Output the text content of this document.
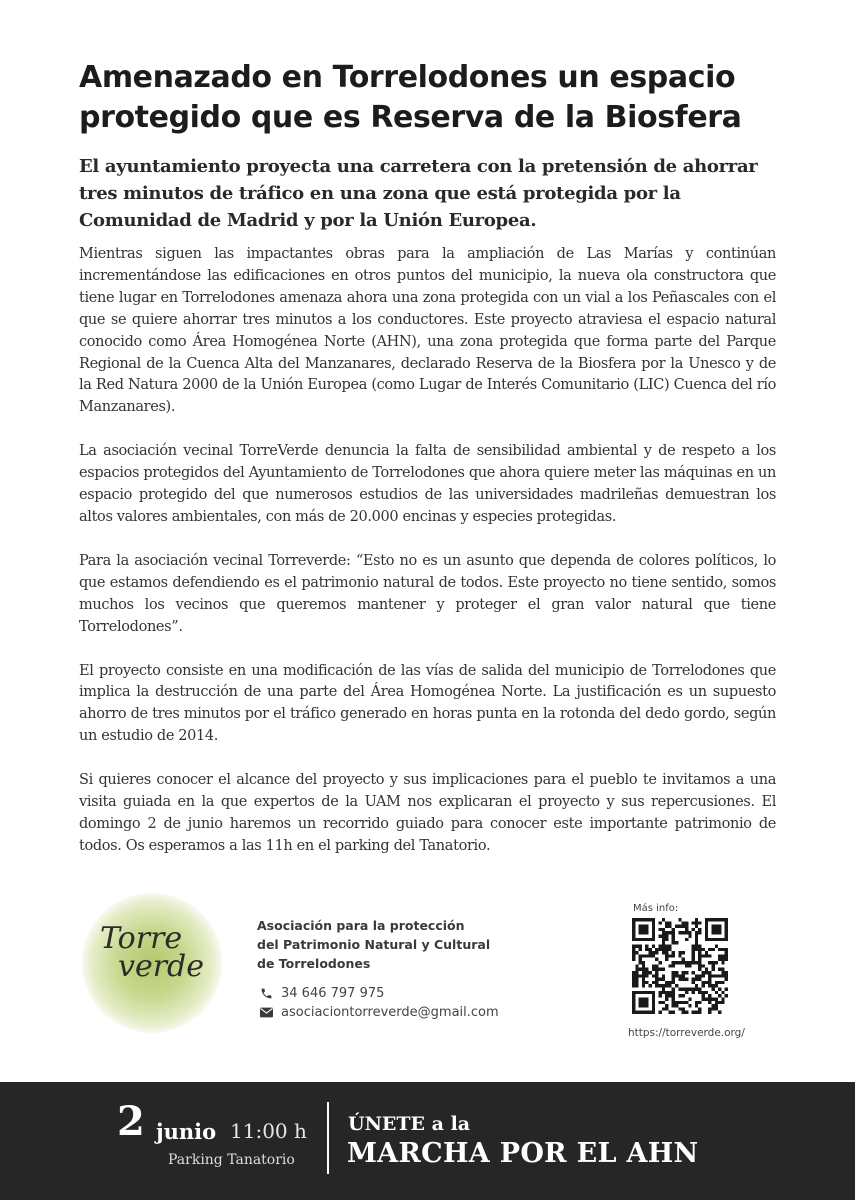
Amenazado en Torrelodones un espacio protegido que es Reserva de la Biosfera
El ayuntamiento proyecta una carretera con la pretensión de ahorrar tres minutos de tráfico en una zona que está protegida por la Comunidad de Madrid y por la Unión Europea.

Mientras siguen las impactantes obras para la ampliación de Las Marías y continúan incrementándose las edificaciones en otros puntos del municipio, la nueva ola constructora que tiene lugar en Torrelodones amenaza ahora una zona protegida con un vial a los Peñascales con el que se quiere ahorrar tres minutos a los conductores. Este proyecto atraviesa el espacio natural conocido como Área Homogénea Norte (AHN), una zona protegida que forma parte del Parque Regional de la Cuenca Alta del Manzanares, declarado Reserva de la Biosfera por la Unesco y de la Red Natura 2000 de la Unión Europea (como Lugar de Interés Comunitario (LIC) Cuenca del río Manzanares).

La asociación vecinal TorreVerde denuncia la falta de sensibilidad ambiental y de respeto a los espacios protegidos del Ayuntamiento de Torrelodones que ahora quiere meter las máquinas en un espacio protegido del que numerosos estudios de las universidades madrileñas demuestran los altos valores ambientales, con más de 20.000 encinas y especies protegidas.

Para la asociación vecinal Torreverde: “Esto no es un asunto que dependa de colores políticos, lo que estamos defendiendo es el patrimonio natural de todos. Este proyecto no tiene sentido, somos muchos los vecinos que queremos mantener y proteger el gran valor natural que tiene Torrelodones”.

El proyecto consiste en una modificación de las vías de salida del municipio de Torrelodones que implica la destrucción de una parte del Área Homogénea Norte. La justificación es un supuesto ahorro de tres minutos por el tráfico generado en horas punta en la rotonda del dedo gordo, según un estudio de 2014.

Si quieres conocer el alcance del proyecto y sus implicaciones para el pueblo te invitamos a una visita guiada en la que expertos de la UAM nos explicaran el proyecto y sus repercusiones. El domingo 2 de junio haremos un recorrido guiado para conocer este importante patrimonio de todos. Os esperamos a las 11h en el parking del Tanatorio.

Torre
verde
Asociación para la protección
del Patrimonio Natural y Cultural
de Torrelodones
34 646 797 975
asociaciontorreverde@gmail.com
Más info:
https://torreverde.org/
2 junio 11:00 h
Parking Tanatorio
ÚNETE a la
MARCHA POR EL AHN
